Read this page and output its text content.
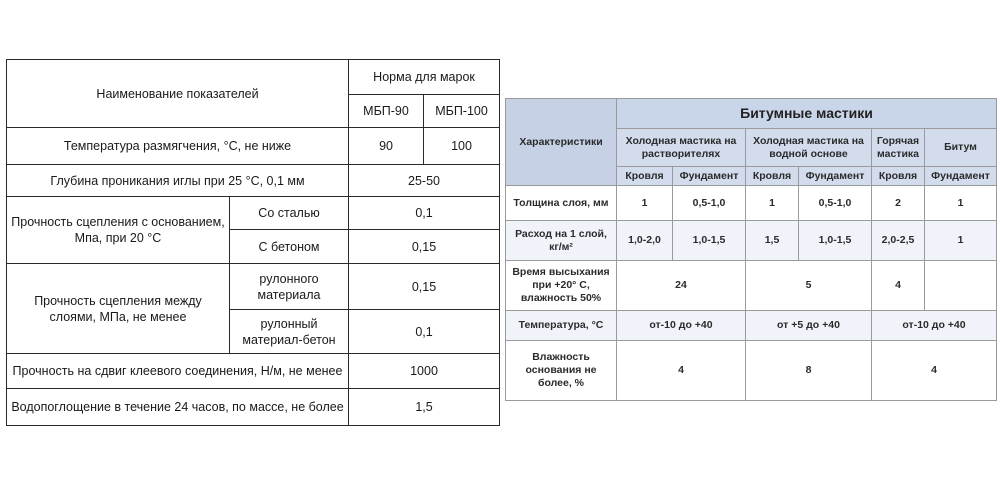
Наименование показателей		Норма для марок	
		МБП-90	МБП-100
Температура размягчения, °С, не ниже		90	100
Глубина проникания иглы при 25 °С, 0,1 мм		25-50	
Прочность сцепления с основанием, Мпа, при 20 °С	Со сталью	0,1	
	С бетоном	0,15	
Прочность сцепления между слоями, МПа, не менее	рулонного материала	0,15	
	рулонный материал-бетон	0,1	
Прочность на сдвиг клеевого соединения, Н/м, не менее		1000	
Водопоглощение в течение 24 часов, по массе, не более		1,5	
Характеристики	Битумные мастики					
	Холодная мастика на растворителях		Холодная мастика на водной основе		Горячая мастика	Битум
	Кровля	Фундамент	Кровля	Фундамент	Кровля	Фундамент
Толщина слоя, мм	1	0,5-1,0	1	0,5-1,0	2	1
Расход на 1 слой, кг/м²	1,0-2,0	1,0-1,5	1,5	1,0-1,5	2,0-2,5	1
Время высыхания при +20° С, влажность 50%	24		5		4	
Температура, °С	от-10 до +40		от +5 до +40		от-10 до +40	
Влажность основания не более, %	4		8		4	
